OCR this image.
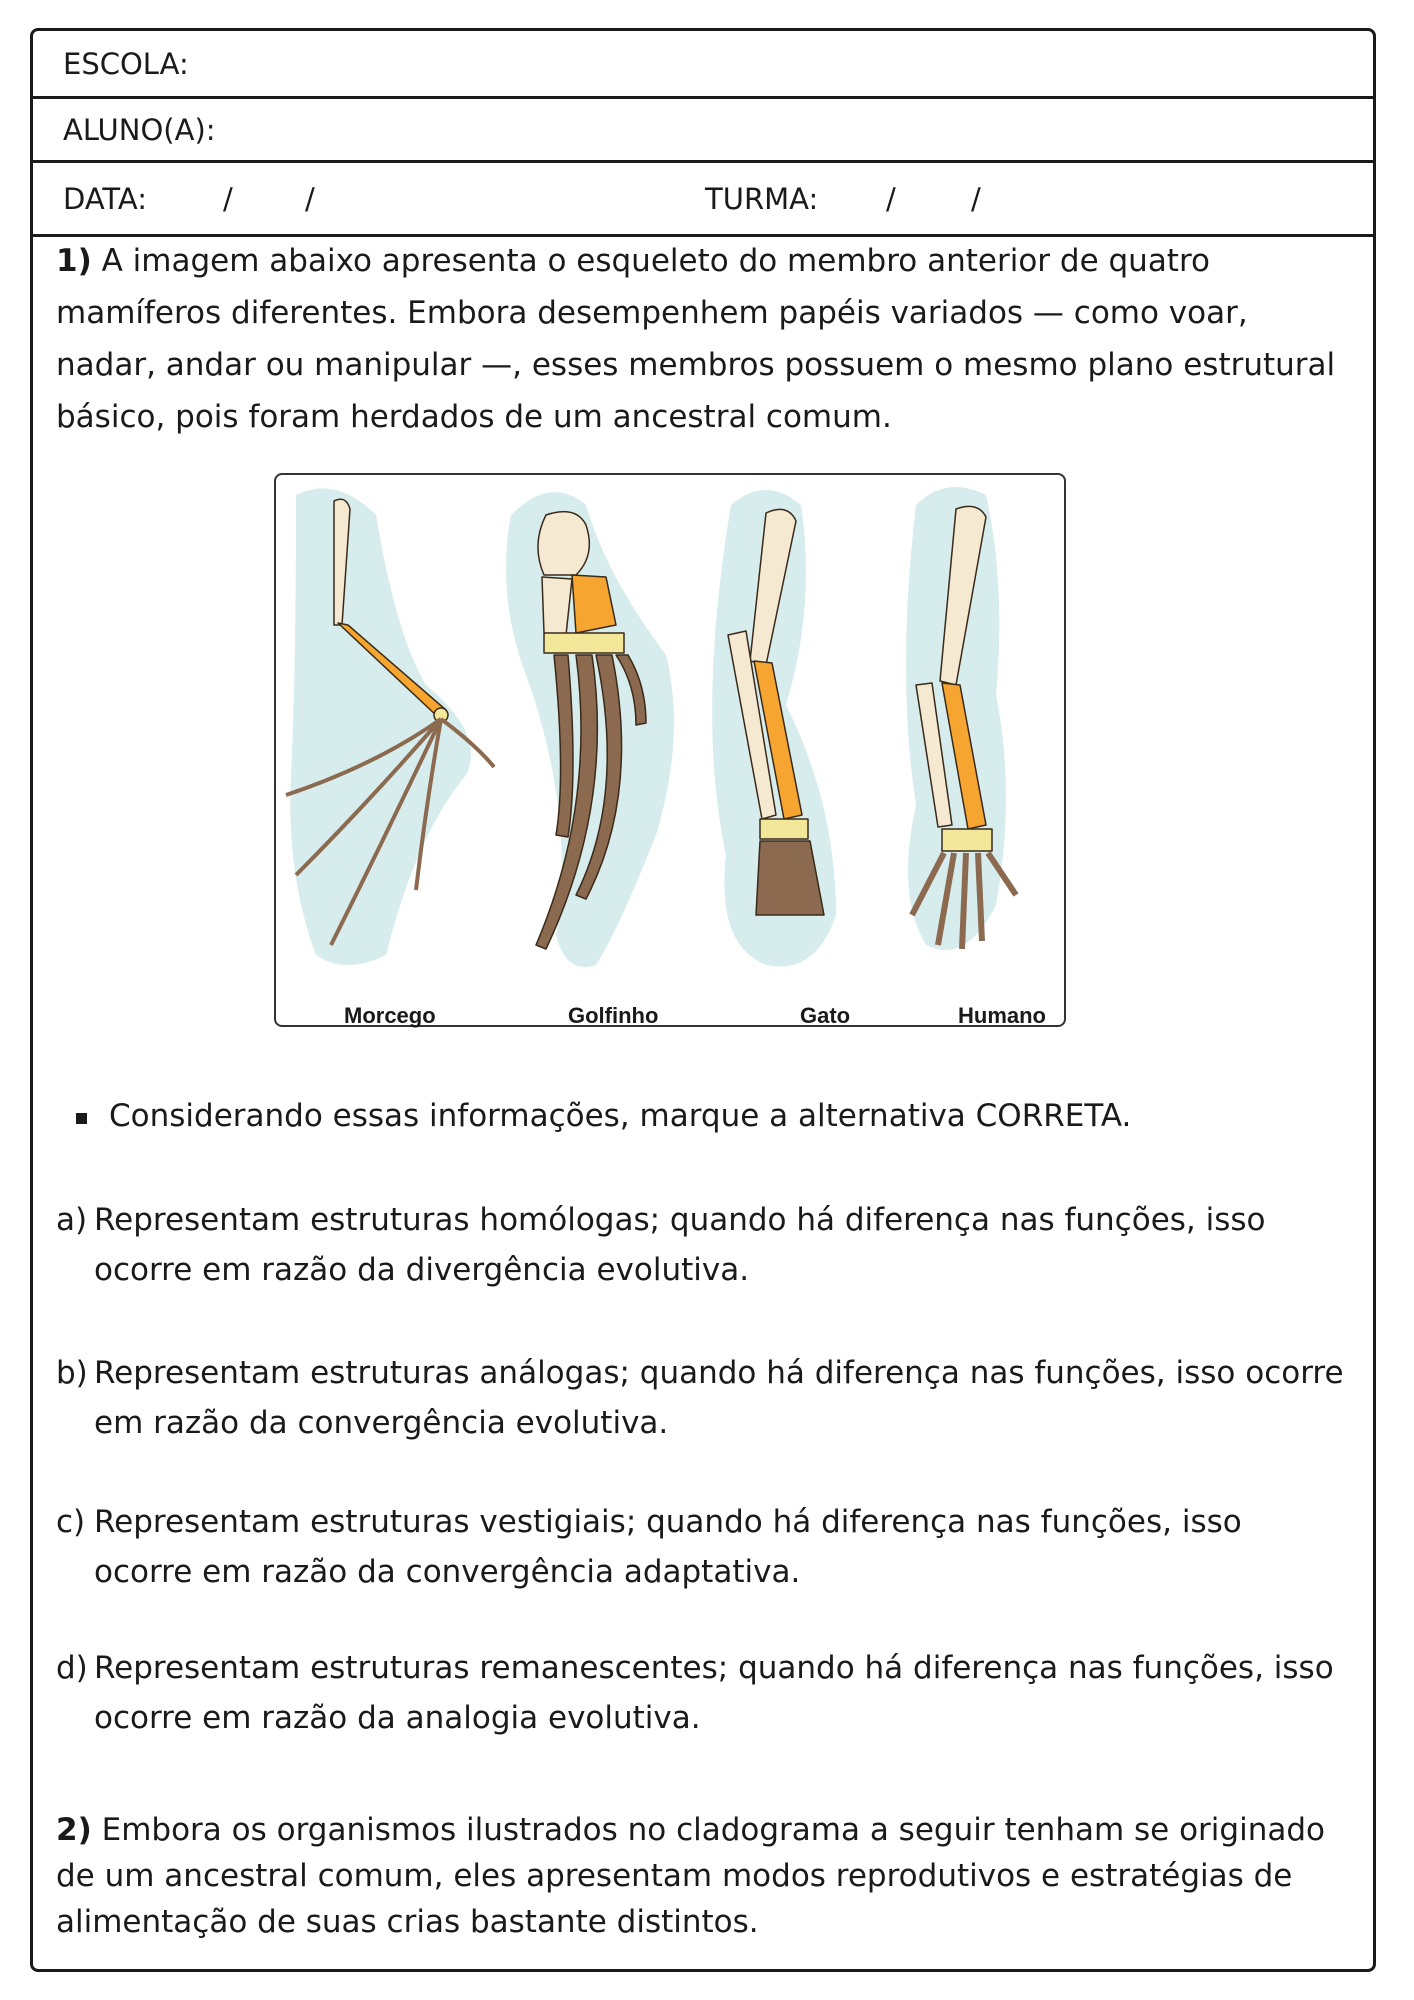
ESCOLA:
ALUNO(A):
DATA:	/ /	TURMA: /	/
1) A imagem abaixo apresenta o esqueleto do membro anterior de quatro mamíferos diferentes. Embora desempenhem papéis variados — como voar, nadar, andar ou manipular —, esses membros possuem o mesmo plano estrutural básico, pois foram herdados de um ancestral comum.
Morcego	Golfinho	Gato	Humano
Considerando essas informações, marque a alternativa CORRETA.
a) Representam estruturas homólogas; quando há diferença nas funções, isso ocorre em razão da divergência evolutiva.
b) Representam estruturas análogas; quando há diferença nas funções, isso ocorre em razão da convergência evolutiva.
c) Representam estruturas vestigiais; quando há diferença nas funções, isso ocorre em razão da convergência adaptativa.
d) Representam estruturas remanescentes; quando há diferença nas funções, isso ocorre em razão da analogia evolutiva.
2) Embora os organismos ilustrados no cladograma a seguir tenham se originado de um ancestral comum, eles apresentam modos reprodutivos e estratégias de alimentação de suas crias bastante distintos.
